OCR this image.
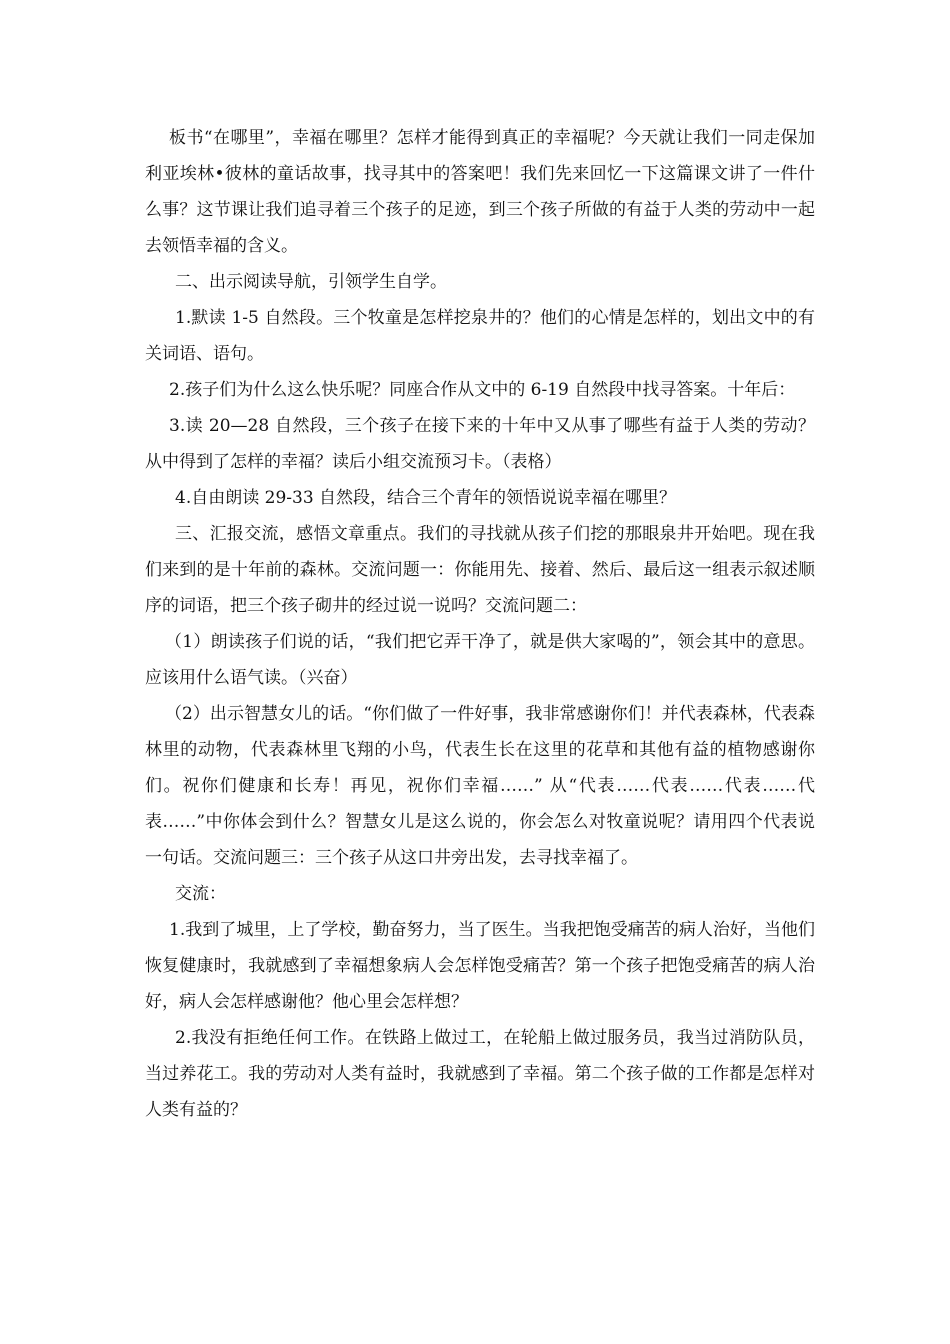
板书“在哪里”，幸福在哪里？怎样才能得到真正的幸福呢？今天就让我们一同走保加利亚埃林•彼林的童话故事，找寻其中的答案吧！我们先来回忆一下这篇课文讲了一件什么事？这节课让我们追寻着三个孩子的足迹，到三个孩子所做的有益于人类的劳动中一起去领悟幸福的含义。

二、出示阅读导航，引领学生自学。

1.默读 1-5 自然段。三个牧童是怎样挖泉井的？他们的心情是怎样的，划出文中的有关词语、语句。

2.孩子们为什么这么快乐呢？同座合作从文中的 6-19 自然段中找寻答案。十年后：

3.读 20—28 自然段，三个孩子在接下来的十年中又从事了哪些有益于人类的劳动？从中得到了怎样的幸福？读后小组交流预习卡。（表格）

4.自由朗读 29-33 自然段，结合三个青年的领悟说说幸福在哪里？

三、汇报交流，感悟文章重点。我们的寻找就从孩子们挖的那眼泉井开始吧。现在我们来到的是十年前的森林。交流问题一：你能用先、接着、然后、最后这一组表示叙述顺序的词语，把三个孩子砌井的经过说一说吗？交流问题二：

（1）朗读孩子们说的话，“我们把它弄干净了，就是供大家喝的”，领会其中的意思。应该用什么语气读。（兴奋）

（2）出示智慧女儿的话。“你们做了一件好事，我非常感谢你们！并代表森林，代表森林里的动物，代表森林里飞翔的小鸟，代表生长在这里的花草和其他有益的植物感谢你们。祝你们健康和长寿！再见，祝你们幸福……” 从“代表……代表……代表……代表……”中你体会到什么？智慧女儿是这么说的，你会怎么对牧童说呢？请用四个代表说一句话。交流问题三：三个孩子从这口井旁出发，去寻找幸福了。

交流：

1.我到了城里，上了学校，勤奋努力，当了医生。当我把饱受痛苦的病人治好，当他们恢复健康时，我就感到了幸福想象病人会怎样饱受痛苦？第一个孩子把饱受痛苦的病人治好，病人会怎样感谢他？他心里会怎样想？

2.我没有拒绝任何工作。在铁路上做过工，在轮船上做过服务员，我当过消防队员，当过养花工。我的劳动对人类有益时，我就感到了幸福。第二个孩子做的工作都是怎样对人类有益的？
